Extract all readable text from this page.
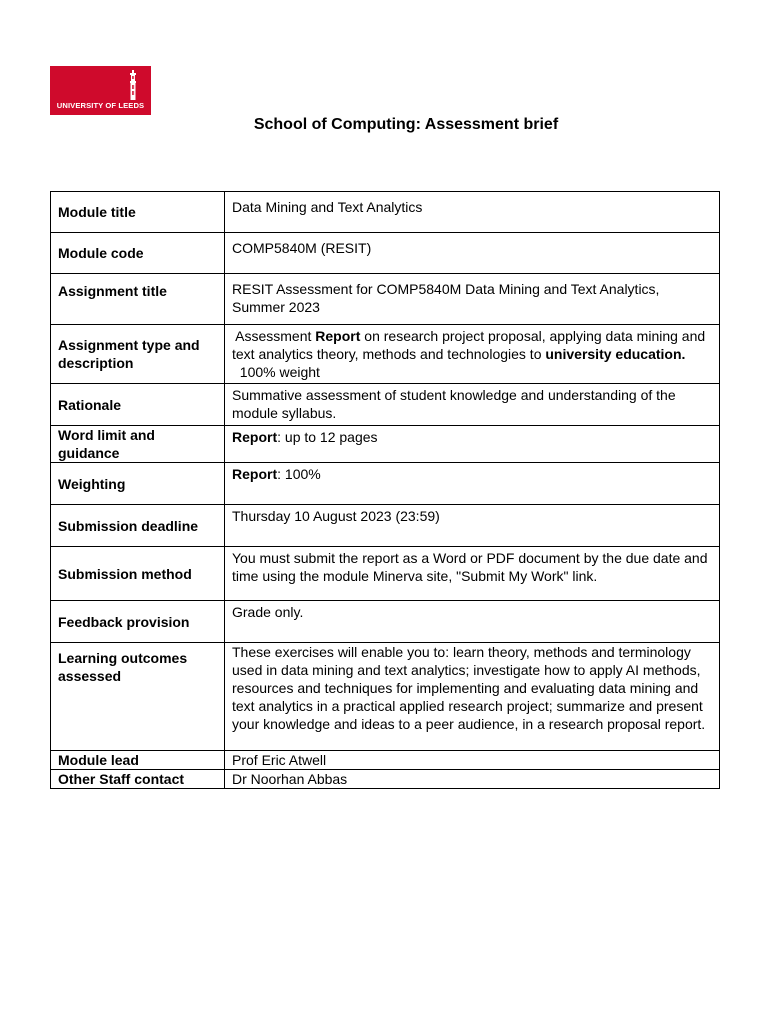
UNIVERSITY OF LEEDS
School of Computing: Assessment brief
Module title	Data Mining and Text Analytics
Module code	COMP5840M (RESIT)
Assignment title	RESIT Assessment for COMP5840M Data Mining and Text Analytics, Summer 2023
Assignment type and description	Assessment Report on research project proposal, applying data mining and text analytics theory, methods and technologies to university education.  100% weight
Rationale	Summative assessment of student knowledge and understanding of the module syllabus.
Word limit and guidance	Report: up to 12 pages
Weighting	Report: 100%
Submission deadline	Thursday 10 August 2023 (23:59)
Submission method	You must submit the report as a Word or PDF document by the due date and time using the module Minerva site, "Submit My Work" link.
Feedback provision	Grade only.
Learning outcomes assessed	These exercises will enable you to: learn theory, methods and terminology used in data mining and text analytics; investigate how to apply AI methods, resources and techniques for implementing and evaluating data mining and text analytics in a practical applied research project; summarize and present your knowledge and ideas to a peer audience, in a research proposal report.
Module lead	Prof Eric Atwell
Other Staff contact	Dr Noorhan Abbas
